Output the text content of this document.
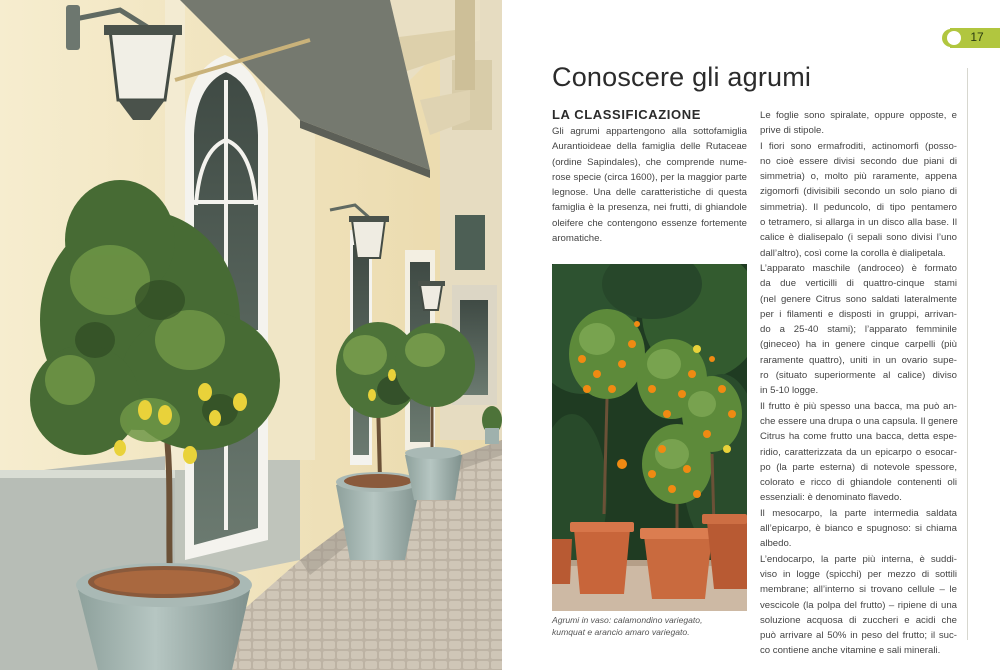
17
Conoscere gli agrumi
LA CLASSIFICAZIONE
Gli agrumi appartengono alla sottofamiglia
Aurantioideae della famiglia delle Rutaceae
(ordine Sapindales), che comprende nume-
rose specie (circa 1600), per la maggior parte
legnose. Una delle caratteristiche di questa
famiglia è la presenza, nei frutti, di ghiandole
oleifere che contengono essenze fortemente
aromatiche.
Agrumi in vaso: calamondino variegato,
kumquat e arancio amaro variegato.
Le foglie sono spiralate, oppure opposte, e
prive di stipole.
I fiori sono ermafroditi, actinomorfi (posso-
no cioè essere divisi secondo due piani di
simmetria) o, molto più raramente, appena
zigomorfi (divisibili secondo un solo piano di
simmetria). Il peduncolo, di tipo pentamero
o tetramero, si allarga in un disco alla base. Il
calice è dialisepalo (i sepali sono divisi l’uno
dall’altro), così come la corolla è dialipetala.
L’apparato maschile (androceo) è formato
da due verticilli di quattro-cinque stami
(nel genere Citrus sono saldati lateralmente
per i filamenti e disposti in gruppi, arrivan-
do a 25-40 stami); l’apparato femminile
(gineceo) ha in genere cinque carpelli (più
raramente quattro), uniti in un ovario supe-
ro (situato superiormente al calice) diviso
in 5-10 logge.
Il frutto è più spesso una bacca, ma può an-
che essere una drupa o una capsula. Il genere
Citrus ha come frutto una bacca, detta espe-
ridio, caratterizzata da un epicarpo o esocar-
po (la parte esterna) di notevole spessore,
colorato e ricco di ghiandole contenenti oli
essenziali: è denominato flavedo.
Il mesocarpo, la parte intermedia saldata
all’epicarpo, è bianco e spugnoso: si chiama
albedo.
L’endocarpo, la parte più interna, è suddi-
viso in logge (spicchi) per mezzo di sottili
membrane; all’interno si trovano cellule – le
vescicole (la polpa del frutto) – ripiene di una
soluzione acquosa di zuccheri e acidi che
può arrivare al 50% in peso del frutto; il suc-
co contiene anche vitamine e sali minerali.
